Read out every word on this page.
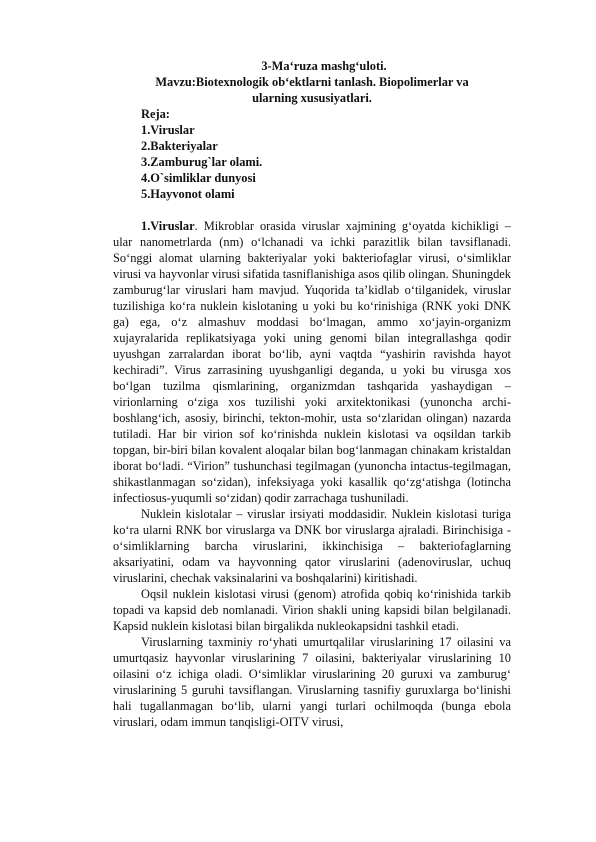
3-Ma‘ruza mashg‘uloti.
Mavzu:Biotexnologik ob‘ektlarni tanlash. Biopolimerlar va
ularning xususiyatlari.
Reja:
1.Viruslar
2.Bakteriyalar
3.Zamburug`lar olami.
4.O`simliklar dunyosi
5.Hayvonot olami

1.Viruslar. Mikroblar orasida viruslar xajmining g‘oyatda kichikligi – ular nanometrlarda (nm) o‘lchanadi va ichki parazitlik bilan tavsiflanadi. So‘nggi alomat ularning bakteriyalar yoki bakteriofaglar virusi, o‘simliklar virusi va hayvonlar virusi sifatida tasniflanishiga asos qilib olingan. Shuningdek zamburug‘lar viruslari ham mavjud. Yuqorida ta’kidlab o‘tilganidek, viruslar tuzilishiga ko‘ra nuklein kislotaning u yoki bu ko‘rinishiga (RNK yoki DNK ga) ega, o‘z almashuv moddasi bo‘lmagan, ammo xo‘jayin-organizm xujayralarida replikatsiyaga yoki uning genomi bilan integrallashga qodir uyushgan zarralardan iborat bo‘lib, ayni vaqtda “yashirin ravishda hayot kechiradi”. Virus zarrasining uyushganligi deganda, u yoki bu virusga xos bo‘lgan tuzilma qismlarining, organizmdan tashqarida yashaydigan – virionlarning o‘ziga xos tuzilishi yoki arxitektonikasi (yunoncha archi-boshlang‘ich, asosiy, birinchi, tekton-mohir, usta so‘zlaridan olingan) nazarda tutiladi. Har bir virion sof ko‘rinishda nuklein kislotasi va oqsildan tarkib topgan, bir-biri bilan kovalent aloqalar bilan bog‘lanmagan chinakam kristaldan iborat bo‘ladi. “Virion” tushunchasi tegilmagan (yunoncha intactus-tegilmagan, shikastlanmagan so‘zidan), infeksiyaga yoki kasallik qo‘zg‘atishga (lotincha infectiosus-yuqumli so‘zidan) qodir zarrachaga tushuniladi.

Nuklein kislotalar – viruslar irsiyati moddasidir. Nuklein kislotasi turiga ko‘ra ularni RNK bor viruslarga va DNK bor viruslarga ajraladi. Birinchisiga -o‘simliklarning barcha viruslarini, ikkinchisiga – bakteriofaglarning aksariyatini, odam va hayvonning qator viruslarini (adenoviruslar, uchuq viruslarini, chechak vaksinalarini va boshqalarini) kiritishadi.

Oqsil nuklein kislotasi virusi (genom) atrofida qobiq ko‘rinishida tarkib topadi va kapsid deb nomlanadi. Virion shakli uning kapsidi bilan belgilanadi. Kapsid nuklein kislotasi bilan birgalikda nukleokapsidni tashkil etadi.

Viruslarning taxminiy ro‘yhati umurtqalilar viruslarining 17 oilasini va umurtqasiz hayvonlar viruslarining 7 oilasini, bakteriyalar viruslarining 10 oilasini o‘z ichiga oladi. O‘simliklar viruslarining 20 guruxi va zamburug‘ viruslarining 5 guruhi tavsiflangan. Viruslarning tasnifiy guruxlarga bo‘linishi hali tugallanmagan bo‘lib, ularni yangi turlari ochilmoqda (bunga ebola viruslari, odam immun tanqisligi-OITV virusi,
